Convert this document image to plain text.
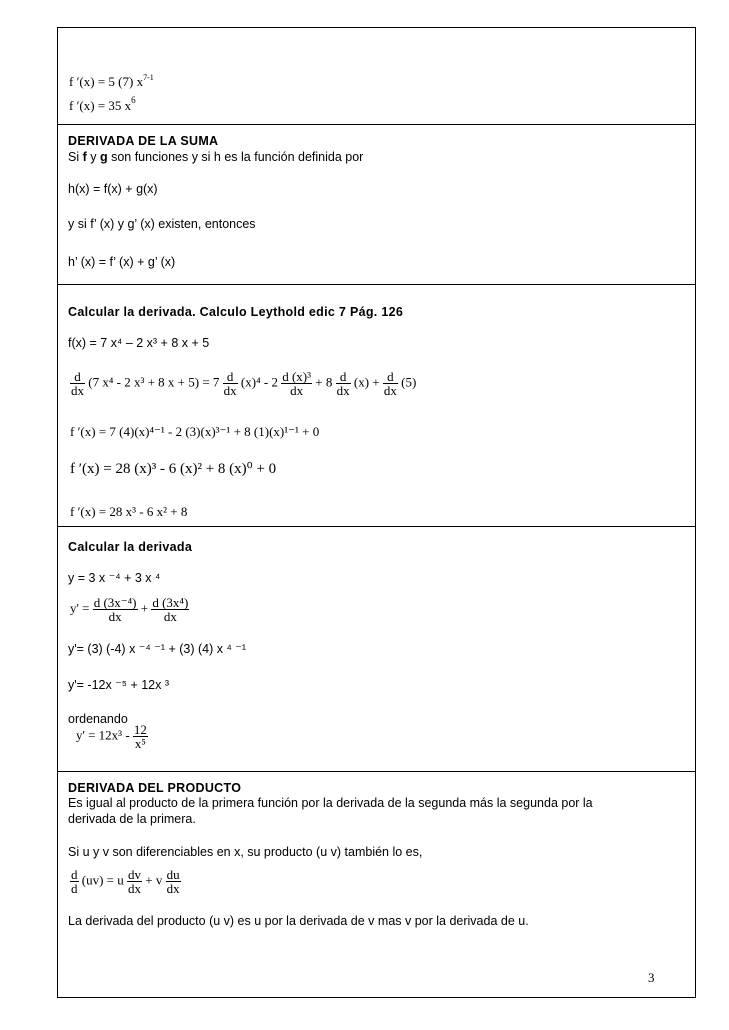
f ′(x) = 5 (7) $x^{7-1}$
f ′(x) = 35 $x^6$
DERIVADA DE LA SUMA
Si f y g son funciones y si h es la función definida por
h(x) = f(x) + g(x)
y si f’ (x) y g’ (x) existen, entonces
h’ (x) = f’ (x) + g’ (x)
Calcular la derivada. Calculo Leythold edic 7 Pág. 126
f(x) = 7 x⁴ – 2 x³ + 8 x + 5
$\frac{d}{dx} (7$ x⁴ - 2 x³ + 8 $x + 5) = 7 \frac{d}{dx} (x)^4 - 2 \frac{\text{d (x)³}}{dx} + 8 \frac{d}{dx} (x) + \frac{d}{dx} (5)$
f ′(x) = 7 (4)(x)⁴⁻¹ - 2 (3)(x)³⁻¹ + 8 (1)(x)¹⁻¹ + 0
f ′(x) = 28 (x)³ - 6 (x)² + 8 (x)⁰ + 0
f ′(x) = 28 x³ - 6 x² + 8
Calcular la derivada
y = 3 x ⁻⁴ + 3 x ⁴
$y' = \frac{\text{d (3x⁻⁴)}}{dx} + \frac{\text{d (3x⁴)}}{dx}$
y'= (3) (-4) x ⁻⁴ ⁻¹ + (3) (4) x ⁴ ⁻¹
y'= -12x ⁻⁵ + 12x ³
ordenando
$y' = 12x^3 - \frac{12}{\text{x⁵}}$
DERIVADA DEL PRODUCTO
Es igual al producto de la primera función por la derivada de la segunda más la segunda por la
derivada de la primera.
Si u y v son diferenciables en x, su producto (u v) también lo es,
$\frac{d}{d} (uv) = u \frac{dv}{dx} + v \frac{du}{dx}$
La derivada del producto (u v) es u por la derivada de v mas v por la derivada de u.
3
